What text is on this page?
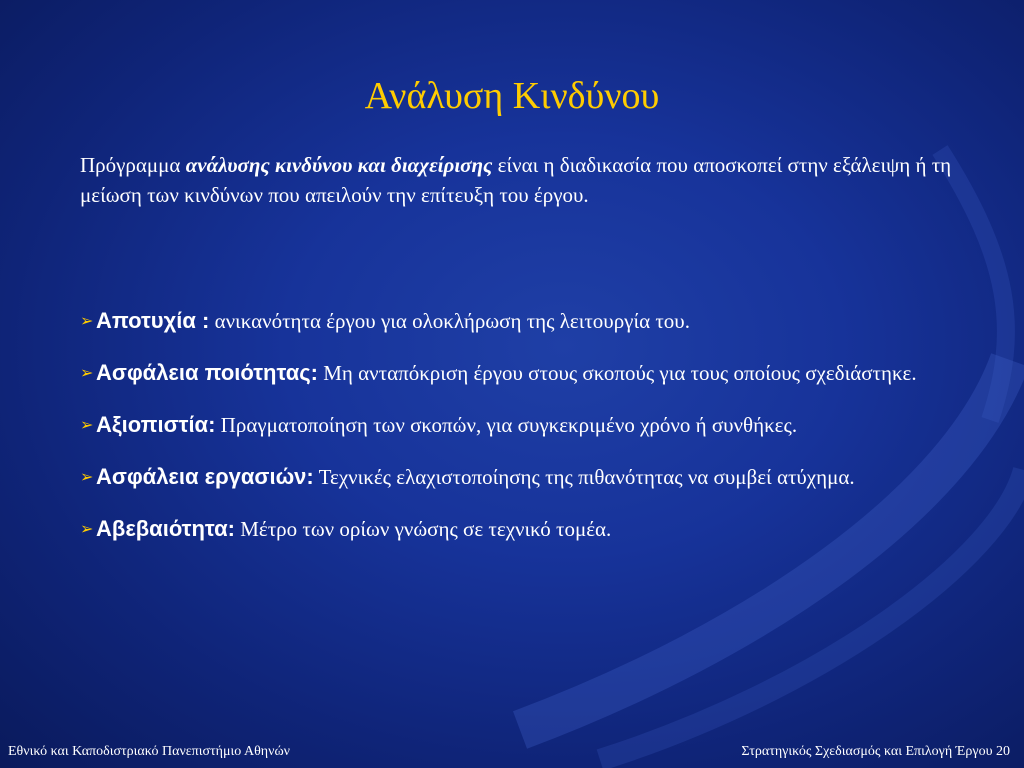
Ανάλυση Κινδύνου

Πρόγραμμα ανάλυσης κινδύνου και διαχείρισης είναι η διαδικασία που αποσκοπεί στην εξάλειψη ή τη μείωση των κινδύνων που απειλούν την επίτευξη του έργου.

➢ Αποτυχία : ανικανότητα έργου για ολοκλήρωση της λειτουργία του.
➢ Ασφάλεια ποιότητας: Μη ανταπόκριση έργου στους σκοπούς για τους οποίους σχεδιάστηκε.
➢ Αξιοπιστία: Πραγματοποίηση των σκοπών, για συγκεκριμένο χρόνο ή συνθήκες.
➢ Ασφάλεια εργασιών: Τεχνικές ελαχιστοποίησης της πιθανότητας να συμβεί ατύχημα.
➢ Αβεβαιότητα: Μέτρο των ορίων γνώσης σε τεχνικό τομέα.
Εθνικό και Καποδιστριακό Πανεπιστήμιο Αθηνών	Στρατηγικός Σχεδιασμός και Επιλογή Έργου 20
